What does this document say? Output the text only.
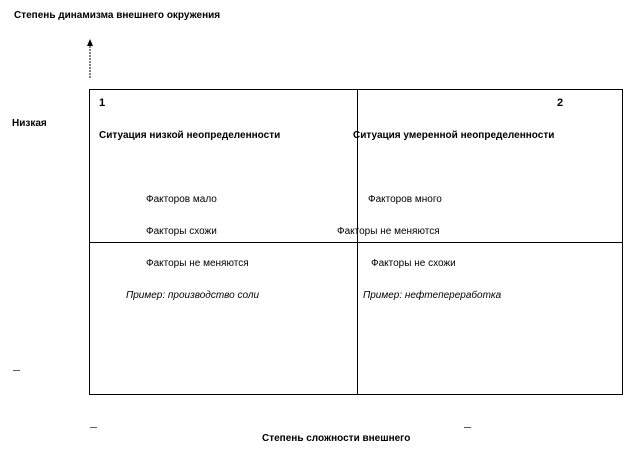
Степень динамизма внешнего окружения
Низкая
1
Ситуация низкой неопределенности
Факторов мало
Факторы схожи
Факторы не меняются
Пример: производство соли
2
Ситуация умеренной неопределенности
Факторов много
Факторы не меняются
Факторы не схожи
Пример: нефтепереработка
Степень сложности внешнего
